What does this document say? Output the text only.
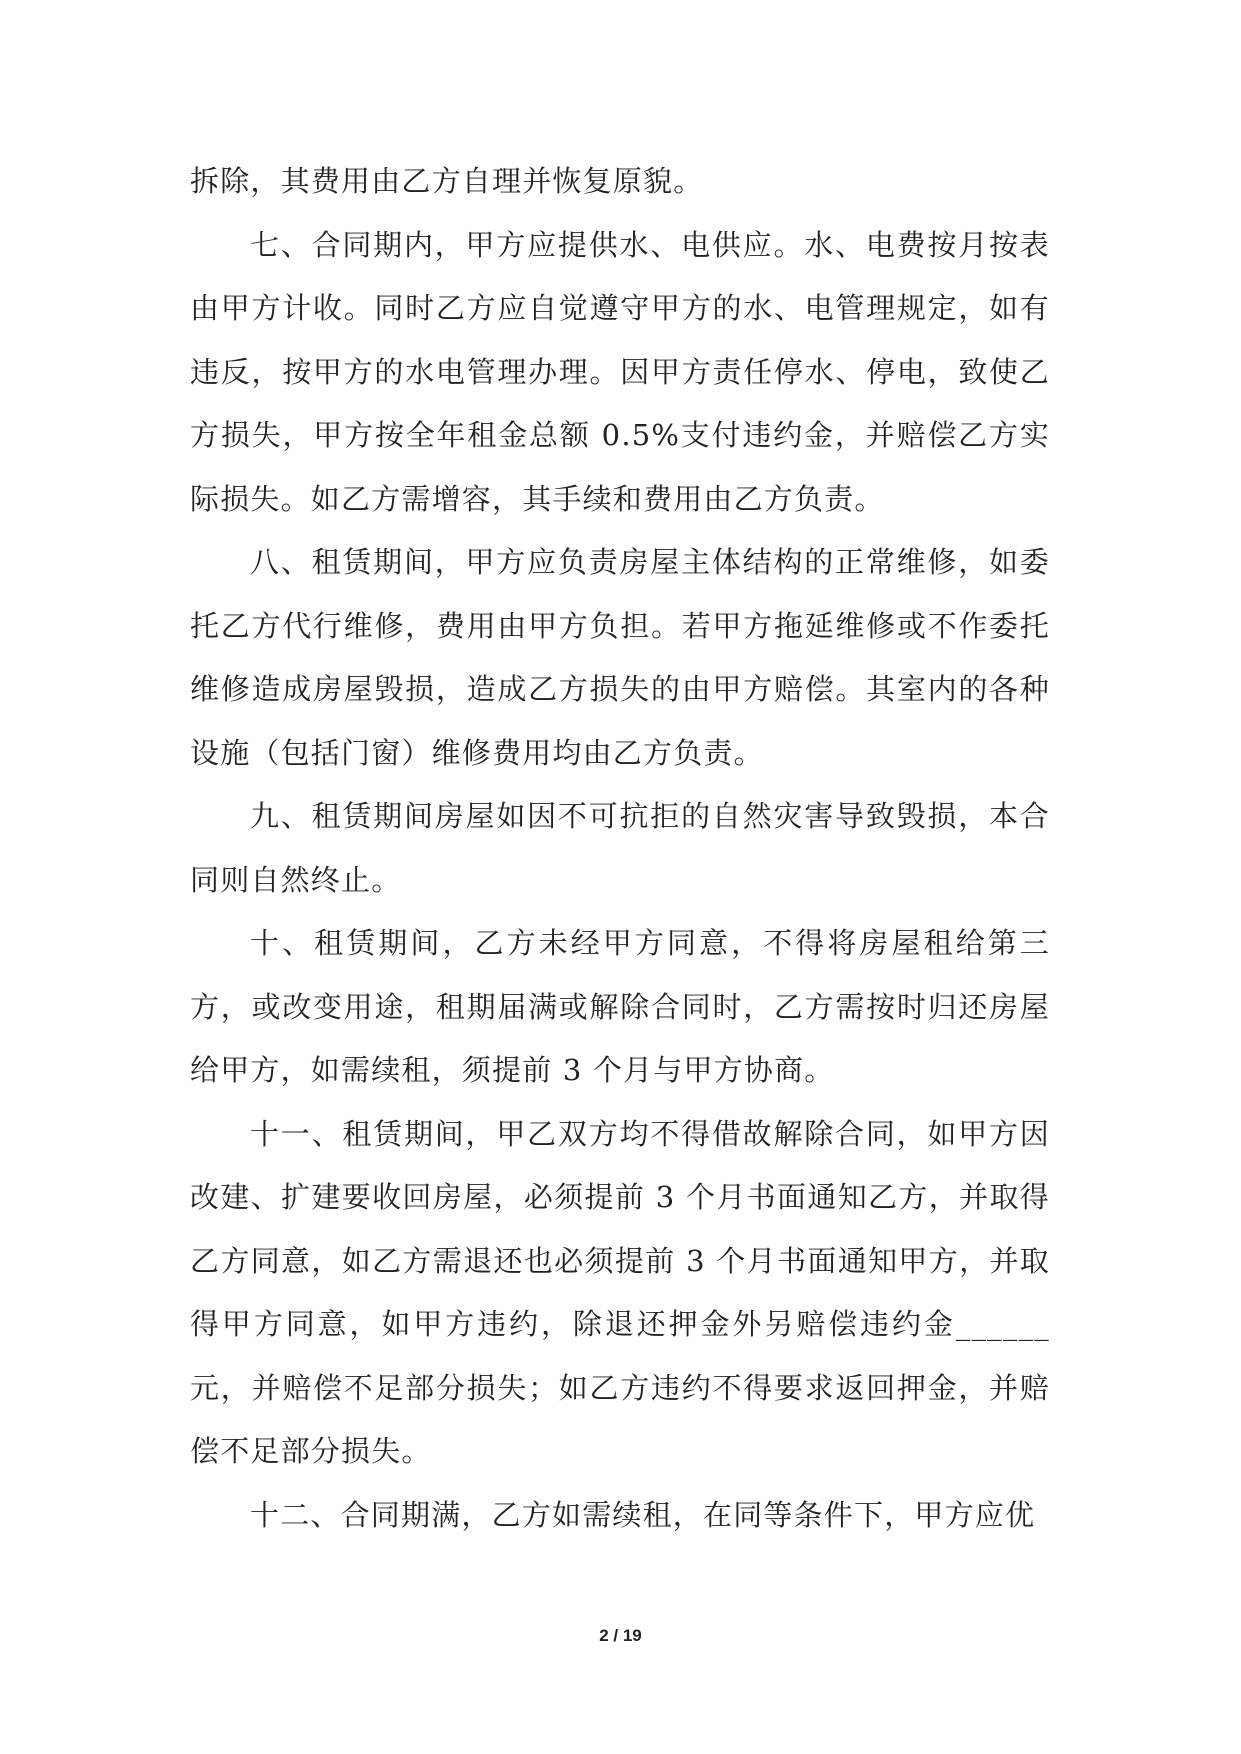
拆除，其费用由乙方自理并恢复原貌。

七、合同期内，甲方应提供水、电供应。水、电费按月按表由甲方计收。同时乙方应自觉遵守甲方的水、电管理规定，如有违反，按甲方的水电管理办理。因甲方责任停水、停电，致使乙方损失，甲方按全年租金总额 0.5%支付违约金，并赔偿乙方实际损失。如乙方需增容，其手续和费用由乙方负责。

八、租赁期间，甲方应负责房屋主体结构的正常维修，如委托乙方代行维修，费用由甲方负担。若甲方拖延维修或不作委托维修造成房屋毁损，造成乙方损失的由甲方赔偿。其室内的各种设施（包括门窗）维修费用均由乙方负责。

九、租赁期间房屋如因不可抗拒的自然灾害导致毁损，本合同则自然终止。

十、租赁期间，乙方未经甲方同意，不得将房屋租给第三方，或改变用途，租期届满或解除合同时，乙方需按时归还房屋给甲方，如需续租，须提前 3 个月与甲方协商。

十一、租赁期间，甲乙双方均不得借故解除合同，如甲方因改建、扩建要收回房屋，必须提前 3 个月书面通知乙方，并取得乙方同意，如乙方需退还也必须提前 3 个月书面通知甲方，并取得甲方同意，如甲方违约，除退还押金外另赔偿违约金______元，并赔偿不足部分损失；如乙方违约不得要求返回押金，并赔偿不足部分损失。

十二、合同期满，乙方如需续租，在同等条件下，甲方应优

2 / 19
